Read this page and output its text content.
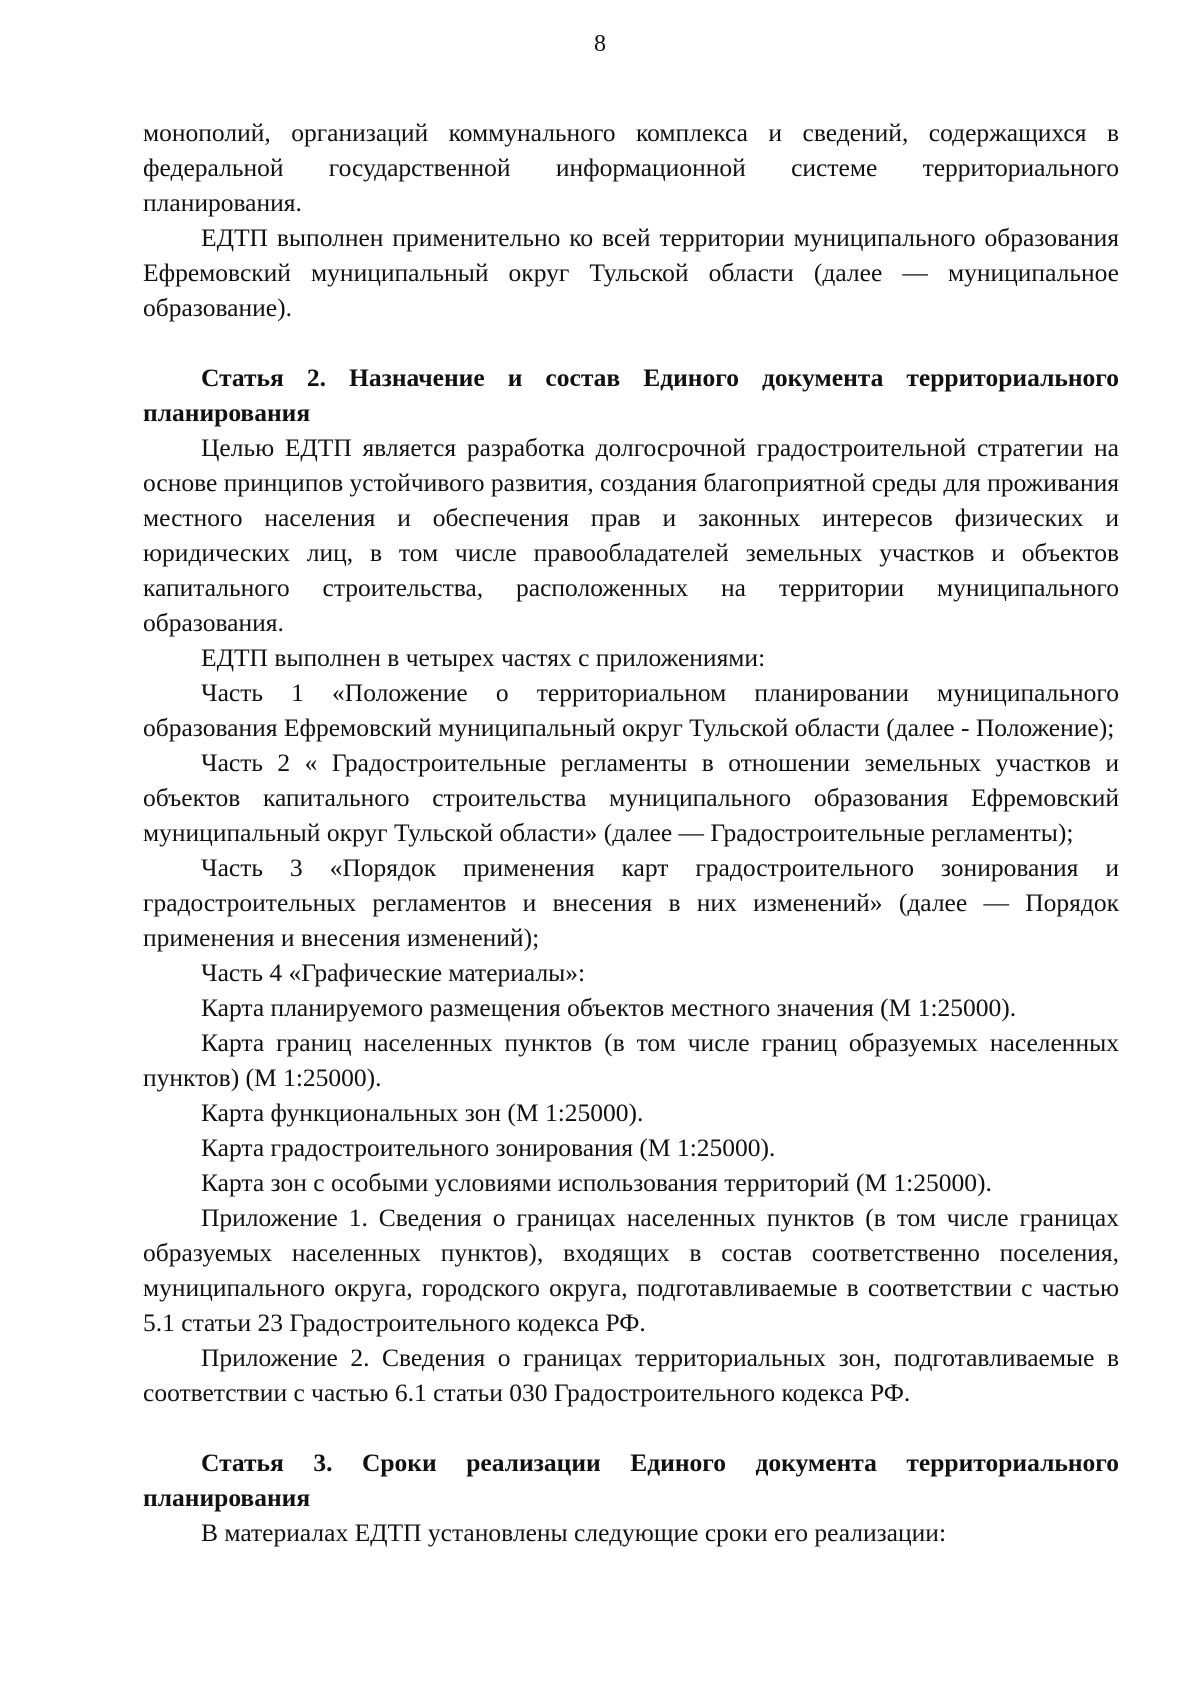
8

монополий, организаций коммунального комплекса и сведений, содержащихся в федеральной государственной информационной системе территориального планирования.

ЕДТП выполнен применительно ко всей территории муниципального образования Ефремовский муниципальный округ Тульской области (далее — муниципальное образование).

Статья 2. Назначение и состав Единого документа территориального планирования

Целью ЕДТП является разработка долгосрочной градостроительной стратегии на основе принципов устойчивого развития, создания благоприятной среды для проживания местного населения и обеспечения прав и законных интересов физических и юридических лиц, в том числе правообладателей земельных участков и объектов капитального строительства, расположенных на территории муниципального образования.

ЕДТП выполнен в четырех частях с приложениями:

Часть 1 «Положение о территориальном планировании муниципального образования Ефремовский муниципальный округ Тульской области (далее - Положение);

Часть 2 « Градостроительные регламенты в отношении земельных участков и объектов капитального строительства муниципального образования Ефремовский муниципальный округ Тульской области» (далее — Градостроительные регламенты);

Часть 3 «Порядок применения карт градостроительного зонирования и градостроительных регламентов и внесения в них изменений» (далее — Порядок применения и внесения изменений);

Часть 4 «Графические материалы»:

Карта планируемого размещения объектов местного значения (М 1:25000).

Карта границ населенных пунктов (в том числе границ образуемых населенных пунктов) (М 1:25000).

Карта функциональных зон (М 1:25000).

Карта градостроительного зонирования (М 1:25000).

Карта зон с особыми условиями использования территорий (М 1:25000).

Приложение 1. Сведения о границах населенных пунктов (в том числе границах образуемых населенных пунктов), входящих в состав соответственно поселения, муниципального округа, городского округа, подготавливаемые в соответствии с частью 5.1 статьи 23 Градостроительного кодекса РФ.

Приложение 2. Сведения о границах территориальных зон, подготавливаемые в соответствии с частью 6.1 статьи 030 Градостроительного кодекса РФ.

Статья 3. Сроки реализации Единого документа территориального планирования

В материалах ЕДТП установлены следующие сроки его реализации:
